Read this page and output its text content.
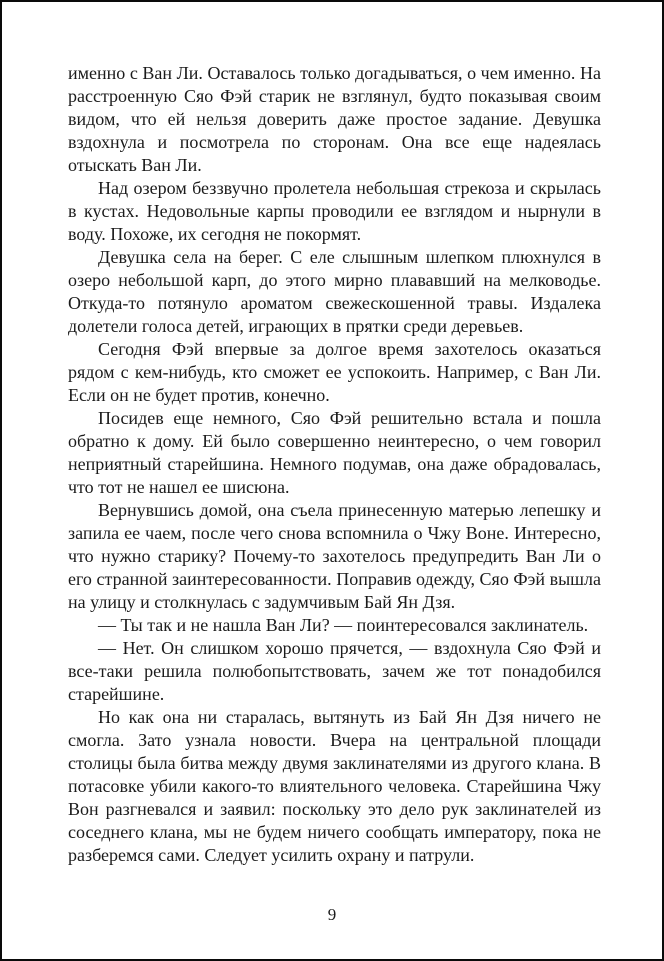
именно с Ван Ли. Оставалось только догадываться, о чем именно. На расстроенную Сяо Фэй старик не взглянул, будто показывая своим видом, что ей нельзя доверить даже простое задание. Девушка вздохнула и посмотрела по сторонам. Она все еще надеялась отыскать Ван Ли.

Над озером беззвучно пролетела небольшая стрекоза и скрылась в кустах. Недовольные карпы проводили ее взглядом и нырнули в воду. Похоже, их сегодня не покормят.

Девушка села на берег. С еле слышным шлепком плюхнулся в озеро небольшой карп, до этого мирно плававший на мелководье. Откуда-то потянуло ароматом свежескошенной травы. Издалека долетели голоса детей, играющих в прятки среди деревьев.

Сегодня Фэй впервые за долгое время захотелось оказаться рядом с кем-нибудь, кто сможет ее успокоить. Например, с Ван Ли. Если он не будет против, конечно.

Посидев еще немного, Сяо Фэй решительно встала и пошла обратно к дому. Ей было совершенно неинтересно, о чем говорил неприятный старейшина. Немного подумав, она даже обрадовалась, что тот не нашел ее шисюна.

Вернувшись домой, она съела принесенную матерью лепешку и запила ее чаем, после чего снова вспомнила о Чжу Воне. Интересно, что нужно старику? Почему-то захотелось предупредить Ван Ли о его странной заинтересованности. Поправив одежду, Сяо Фэй вышла на улицу и столкнулась с задумчивым Бай Ян Дзя.

— Ты так и не нашла Ван Ли? — поинтересовался заклинатель.

— Нет. Он слишком хорошо прячется, — вздохнула Сяо Фэй и все-таки решила полюбопытствовать, зачем же тот понадобился старейшине.

Но как она ни старалась, вытянуть из Бай Ян Дзя ничего не смогла. Зато узнала новости. Вчера на центральной площади столицы была битва между двумя заклинателями из другого клана. В потасовке убили какого-то влиятельного человека. Старейшина Чжу Вон разгневался и заявил: поскольку это дело рук заклинателей из соседнего клана, мы не будем ничего сообщать императору, пока не разберемся сами. Следует усилить охрану и патрули.

9
